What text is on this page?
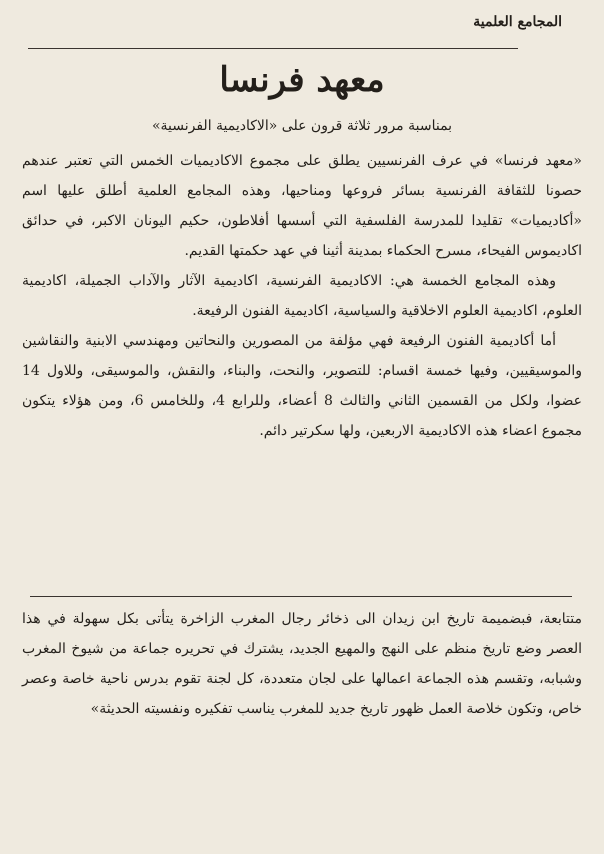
المجامع العلمية
معهد فرنسا
بمناسبة مرور ثلاثة قرون على «الاكاديمية الفرنسية»

«معهد فرنسا» في عرف الفرنسيين يطلق على مجموع الاكاديميات الخمس التي تعتبر عندهم حصونا للثقافة الفرنسية بسائر فروعها ومناحيها، وهذه المجامع العلمية أطلق عليها اسم «أكاديميات» تقليدا للمدرسة الفلسفية التي أسسها أفلاطون، حكيم اليونان الاكبر، في حدائق اكاديموس الفيحاء، مسرح الحكماء بمدينة أثينا في عهد حكمتها القديم.

وهذه المجامع الخمسة هي: الاكاديمية الفرنسية، اكاديمية الآثار والآداب الجميلة، اكاديمية العلوم، اكاديمية العلوم الاخلاقية والسياسية، اكاديمية الفنون الرفيعة.

أما أكاديمية الفنون الرفيعة فهي مؤلفة من المصورين والنحاتين ومهندسي الابنية والنقاشين والموسيقيين، وفيها خمسة اقسام: للتصوير، والنحت، والبناء، والنقش، والموسيقى، وللاول 14 عضوا، ولكل من القسمين الثاني والثالث 8 أعضاء، وللرابع 4، وللخامس 6، ومن هؤلاء يتكون مجموع اعضاء هذه الاكاديمية الاربعين، ولها سكرتير دائم.

متتابعة، فبضميمة تاريخ ابن زيدان الى ذخائر رجال المغرب الزاخرة يتأتى بكل سهولة في هذا العصر وضع تاريخ منظم على النهج والمهيع الجديد، يشترك في تحريره جماعة من شيوخ المغرب وشبابه، وتقسم هذه الجماعة اعمالها على لجان متعددة، كل لجنة تقوم بدرس ناحية خاصة وعصر خاص، وتكون خلاصة العمل ظهور تاريخ جديد للمغرب يناسب تفكيره ونفسيته الحديثة»
